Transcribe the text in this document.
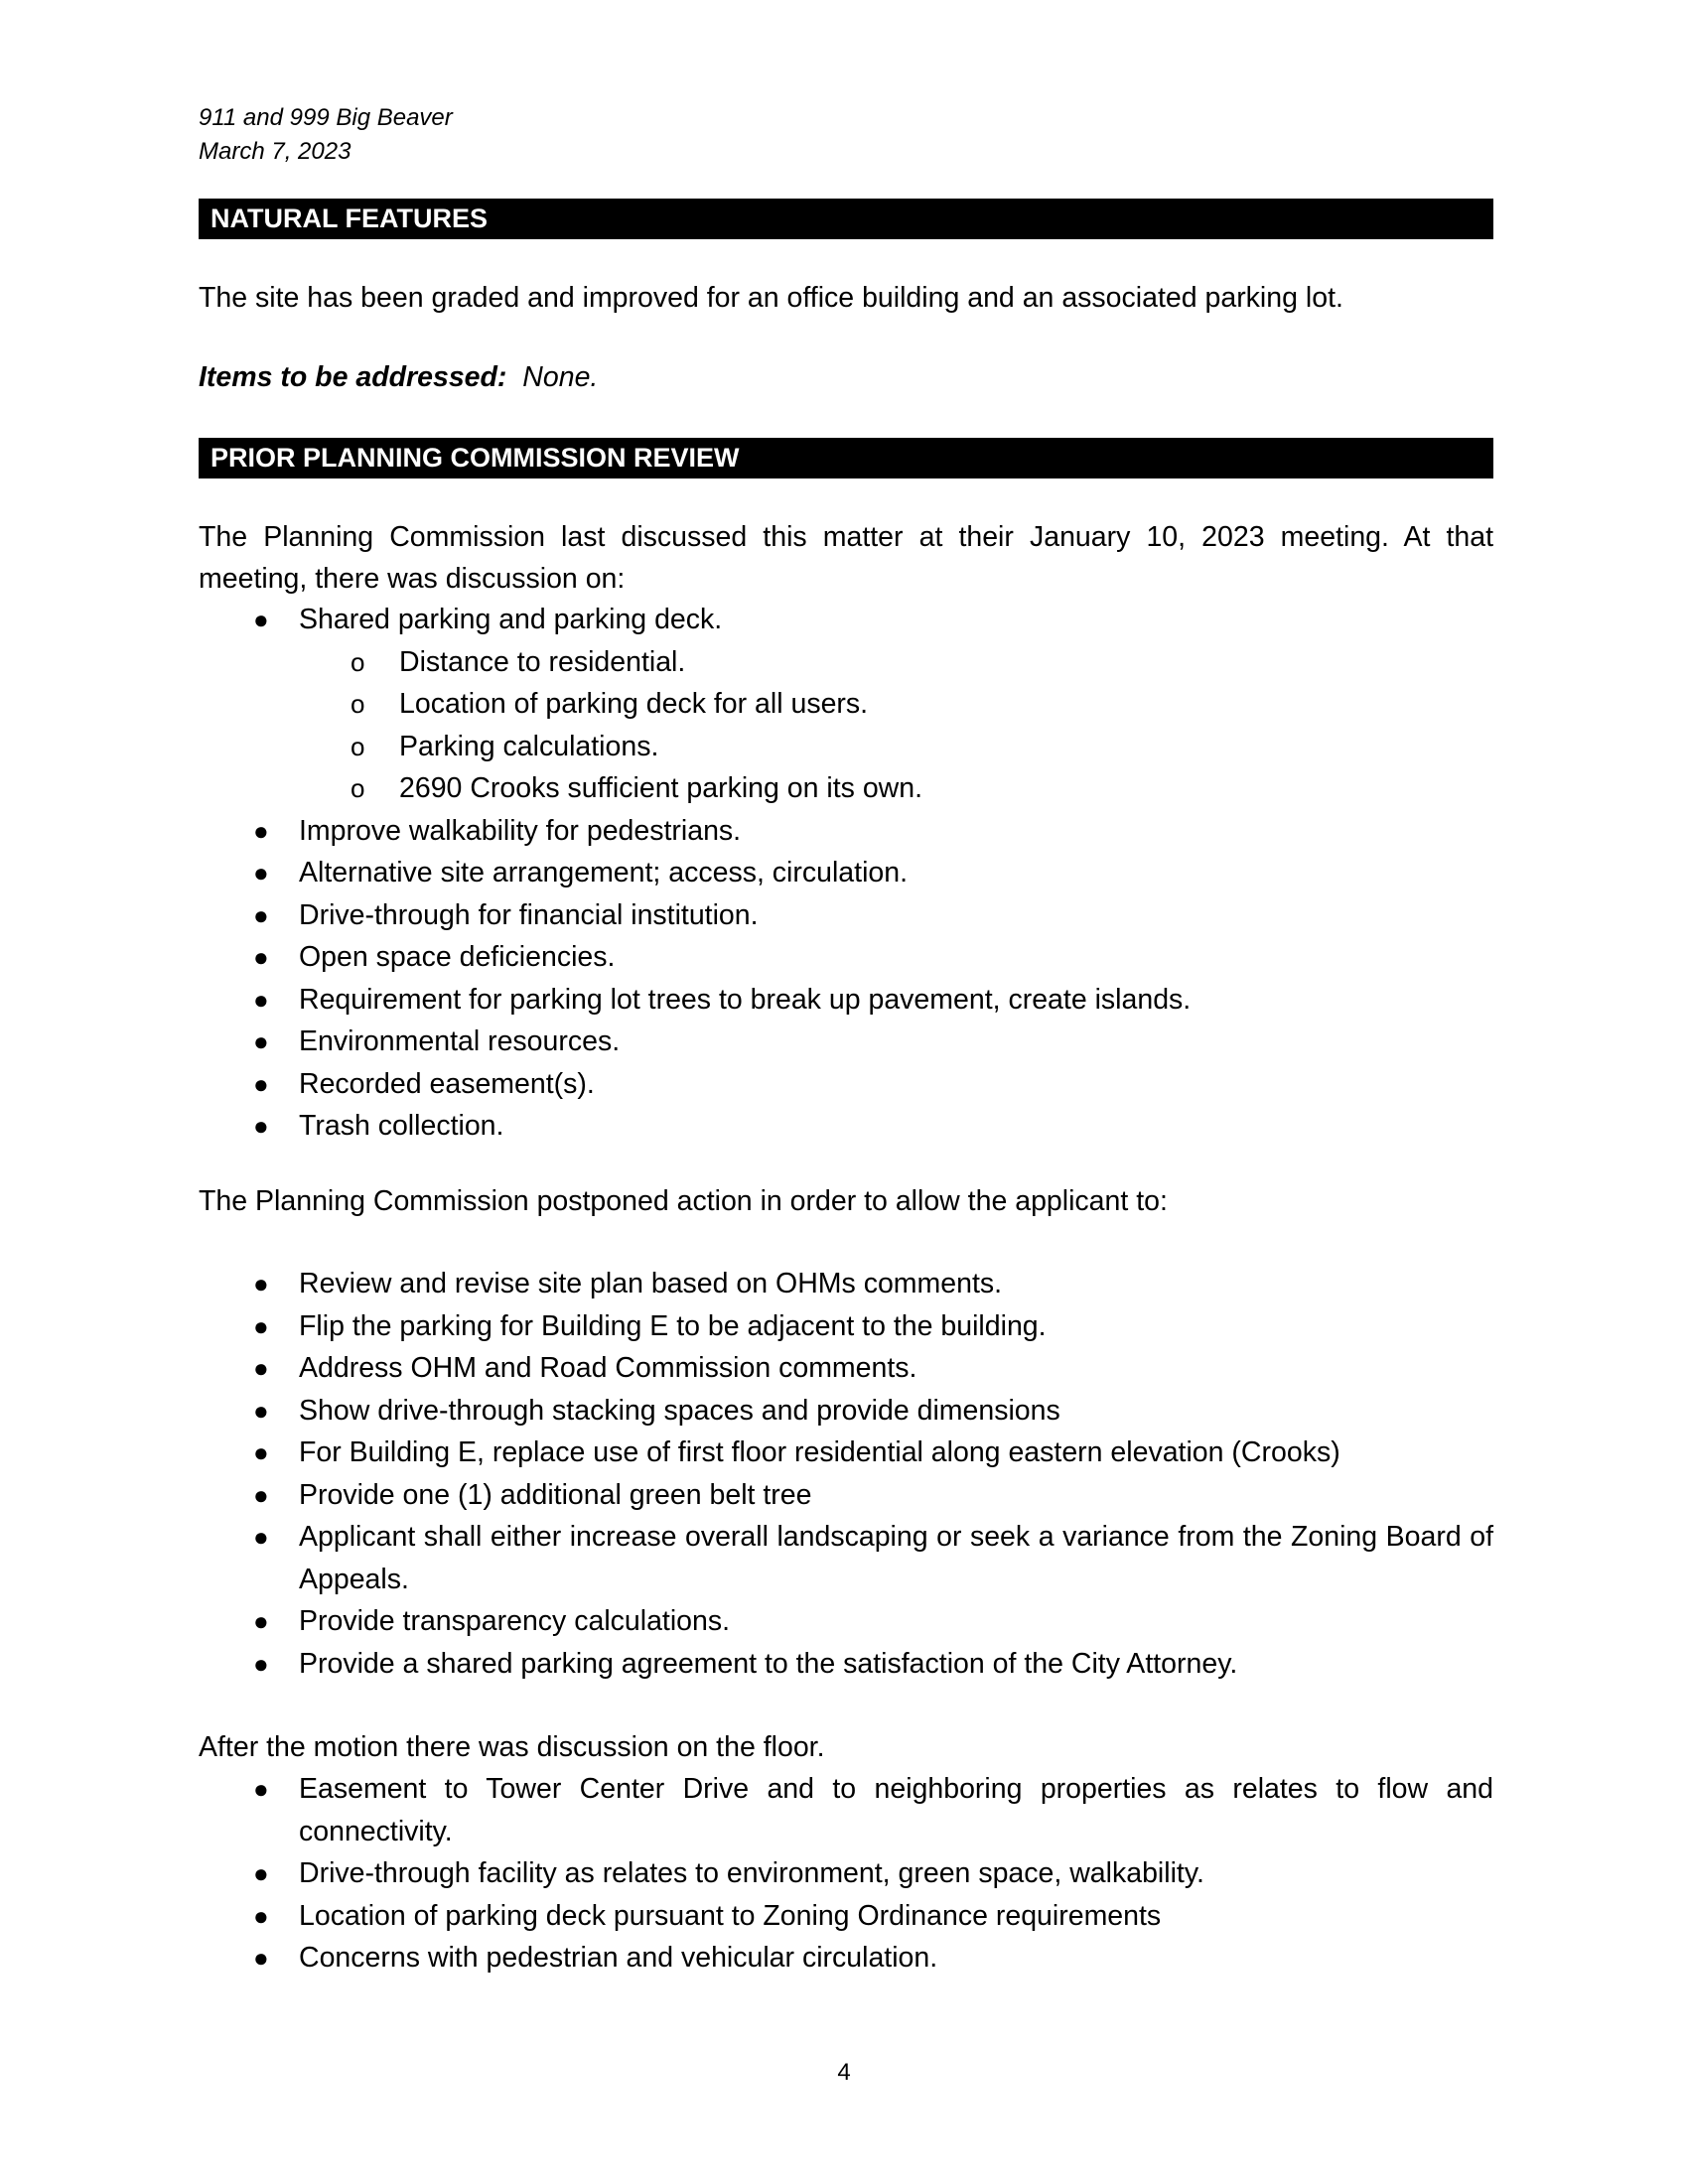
911 and 999 Big Beaver
March 7, 2023
NATURAL FEATURES

The site has been graded and improved for an office building and an associated parking lot.

Items to be addressed: None.

PRIOR PLANNING COMMISSION REVIEW

The Planning Commission last discussed this matter at their January 10, 2023 meeting. At that meeting, there was discussion on:

● Shared parking and parking deck.
o Distance to residential.
o Location of parking deck for all users.
o Parking calculations.
o 2690 Crooks sufficient parking on its own.
● Improve walkability for pedestrians.
● Alternative site arrangement; access, circulation.
● Drive-through for financial institution.
● Open space deficiencies.
● Requirement for parking lot trees to break up pavement, create islands.
● Environmental resources.
● Recorded easement(s).
● Trash collection.

The Planning Commission postponed action in order to allow the applicant to:

● Review and revise site plan based on OHMs comments.
● Flip the parking for Building E to be adjacent to the building.
● Address OHM and Road Commission comments.
● Show drive-through stacking spaces and provide dimensions
● For Building E, replace use of first floor residential along eastern elevation (Crooks)
● Provide one (1) additional green belt tree
● Applicant shall either increase overall landscaping or seek a variance from the Zoning Board of Appeals.
● Provide transparency calculations.
● Provide a shared parking agreement to the satisfaction of the City Attorney.

After the motion there was discussion on the floor.

● Easement to Tower Center Drive and to neighboring properties as relates to flow and connectivity.
● Drive-through facility as relates to environment, green space, walkability.
● Location of parking deck pursuant to Zoning Ordinance requirements
● Concerns with pedestrian and vehicular circulation.
4
